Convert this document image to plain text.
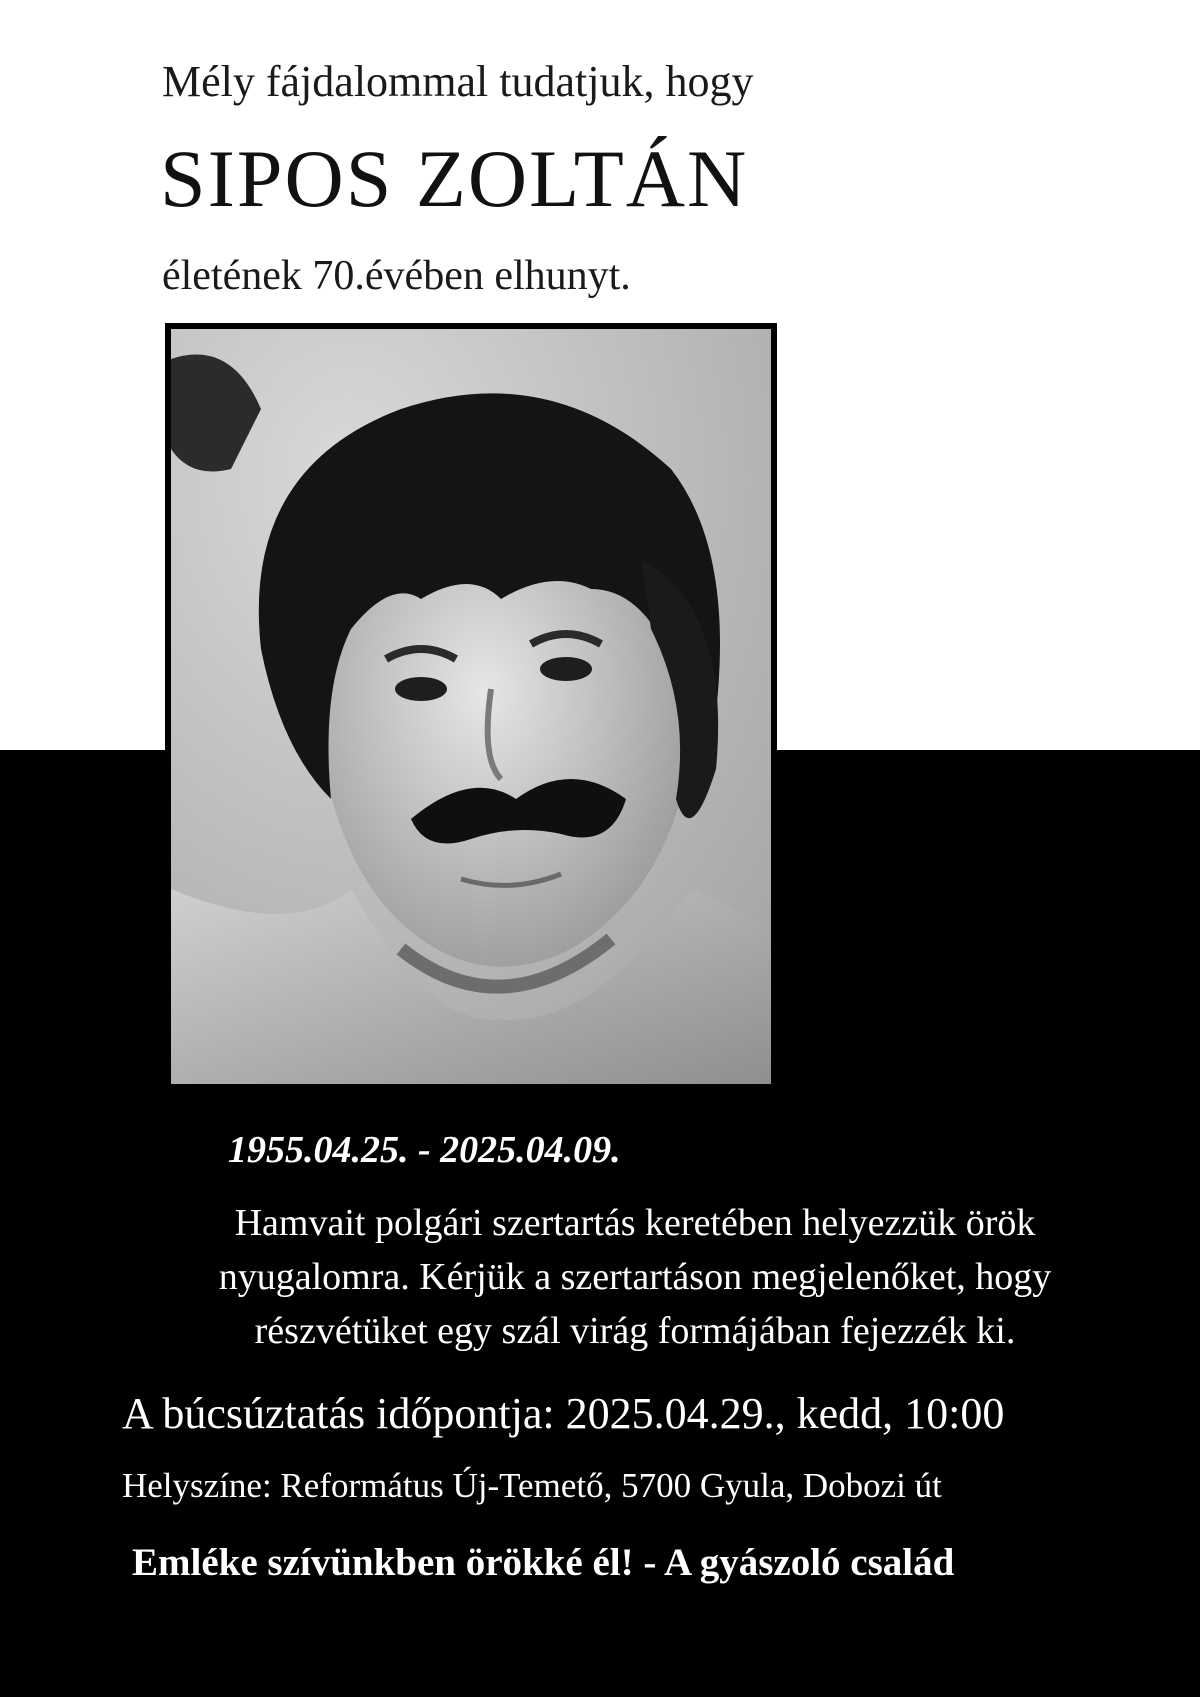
Mély fájdalommal tudatjuk, hogy
SIPOS ZOLTÁN
életének 70.évében elhunyt.
1955.04.25. - 2025.04.09.
Hamvait polgári szertartás keretében helyezzük örök
nyugalomra. Kérjük a szertartáson megjelenőket, hogy
részvétüket egy szál virág formájában fejezzék ki.
A búcsúztatás időpontja: 2025.04.29., kedd, 10:00
Helyszíne: Református Új-Temető, 5700 Gyula, Dobozi út
Emléke szívünkben örökké él! - A gyászoló család
